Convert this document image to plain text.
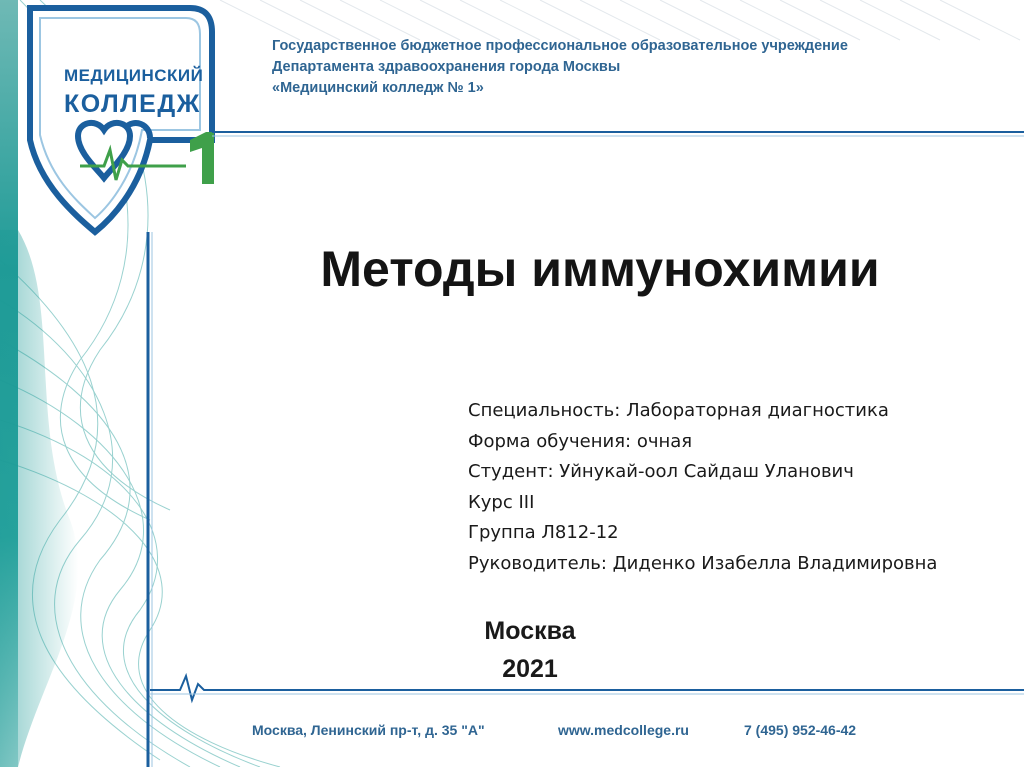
МЕДИЦИНСКИЙ
КОЛЛЕДЖ
Государственное бюджетное профессиональное образовательное учреждение
Департамента здравоохранения города Москвы
«Медицинский колледж № 1»
Методы иммунохимии
Специальность: Лабораторная диагностика
Форма обучения: очная
Студент: Уйнукай-оол Сайдаш Уланович
Курс III
Группа Л812-12
Руководитель: Диденко Изабелла Владимировна
Москва
2021
Москва, Ленинский пр-т, д. 35 "А"	www.medcollege.ru	7 (495) 952-46-42
